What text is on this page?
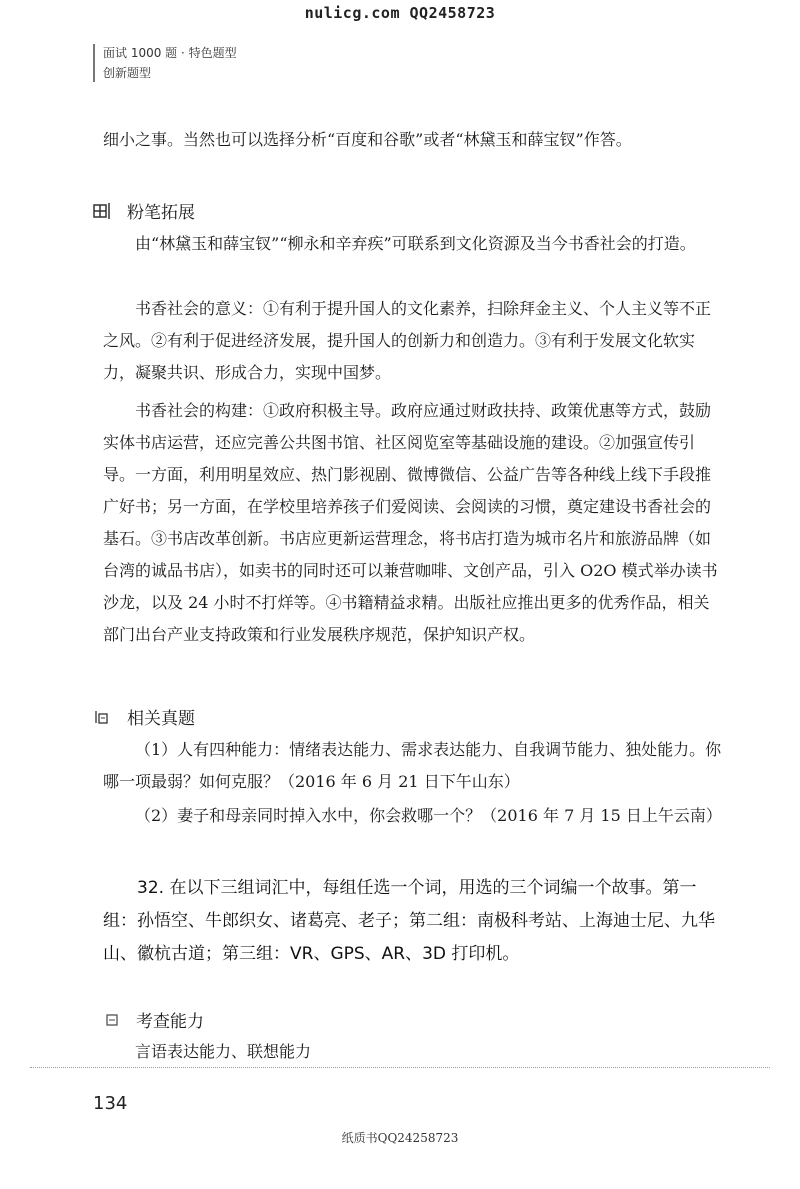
nulicg.com QQ2458723
面试 1000 题 · 特色题型
创新题型
细小之事。当然也可以选择分析“百度和谷歌”或者“林黛玉和薛宝钗”作答。
粉笔拓展
由“林黛玉和薛宝钗”“柳永和辛弃疾”可联系到文化资源及当今书香社会的打造。
书香社会的意义：①有利于提升国人的文化素养，扫除拜金主义、个人主义等不正之风。②有利于促进经济发展，提升国人的创新力和创造力。③有利于发展文化软实力，凝聚共识、形成合力，实现中国梦。
书香社会的构建：①政府积极主导。政府应通过财政扶持、政策优惠等方式，鼓励实体书店运营，还应完善公共图书馆、社区阅览室等基础设施的建设。②加强宣传引导。一方面，利用明星效应、热门影视剧、微博微信、公益广告等各种线上线下手段推广好书；另一方面，在学校里培养孩子们爱阅读、会阅读的习惯，奠定建设书香社会的基石。③书店改革创新。书店应更新运营理念，将书店打造为城市名片和旅游品牌（如台湾的诚品书店），如卖书的同时还可以兼营咖啡、文创产品，引入 O2O 模式举办读书沙龙，以及 24 小时不打烊等。④书籍精益求精。出版社应推出更多的优秀作品，相关部门出台产业支持政策和行业发展秩序规范，保护知识产权。
相关真题
（1）人有四种能力：情绪表达能力、需求表达能力、自我调节能力、独处能力。你哪一项最弱？如何克服？（2016 年 6 月 21 日下午山东）
（2）妻子和母亲同时掉入水中，你会救哪一个？（2016 年 7 月 15 日上午云南）
32. 在以下三组词汇中，每组任选一个词，用选的三个词编一个故事。第一组：孙悟空、牛郎织女、诸葛亮、老子；第二组：南极科考站、上海迪士尼、九华山、徽杭古道；第三组：VR、GPS、AR、3D 打印机。
考查能力
言语表达能力、联想能力
134
纸质书QQ24258723
